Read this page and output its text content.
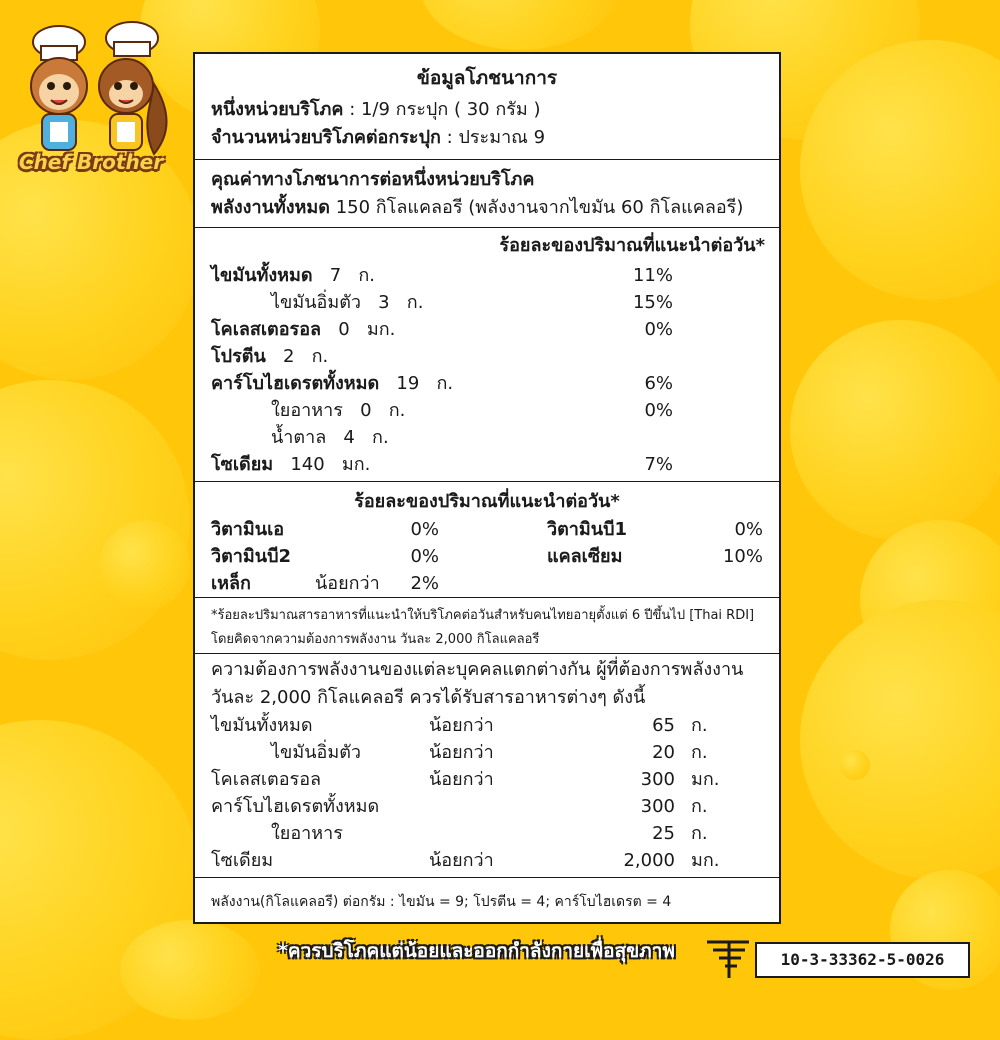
Chef Brother
ข้อมูลโภชนาการ
หนึ่งหน่วยบริโภค : 1/9 กระปุก ( 30 กรัม )
จำนวนหน่วยบริโภคต่อกระปุก : ประมาณ 9
คุณค่าทางโภชนาการต่อหนึ่งหน่วยบริโภค
พลังงานทั้งหมด 150 กิโลแคลอรี (พลังงานจากไขมัน 60 กิโลแคลอรี)
ร้อยละของปริมาณที่แนะนำต่อวัน*
ไขมันทั้งหมด 7 ก.	11%
ไขมันอิ่มตัว 3 ก.	15%
โคเลสเตอรอล 0 มก.	0%
โปรตีน 2 ก.
คาร์โบไฮเดรตทั้งหมด 19 ก.	6%
ใยอาหาร 0 ก.	0%
น้ำตาล 4 ก.
โซเดียม 140 มก.	7%
ร้อยละของปริมาณที่แนะนำต่อวัน*
วิตามินเอ	0%	วิตามินบี1	0%
วิตามินบี2	0%	แคลเซียม	10%
เหล็ก	น้อยกว่า	2%
*ร้อยละปริมาณสารอาหารที่แนะนำให้บริโภคต่อวันสำหรับคนไทยอายุตั้งแต่ 6 ปีขึ้นไป [Thai RDI]
โดยคิดจากความต้องการพลังงาน วันละ 2,000 กิโลแคลอรี
ความต้องการพลังงานของแต่ละบุคคลแตกต่างกัน ผู้ที่ต้องการพลังงาน
วันละ 2,000 กิโลแคลอรี ควรได้รับสารอาหารต่างๆ ดังนี้
ไขมันทั้งหมด	น้อยกว่า	65 ก.
ไขมันอิ่มตัว	น้อยกว่า	20 ก.
โคเลสเตอรอล	น้อยกว่า	300 มก.
คาร์โบไฮเดรตทั้งหมด	300 ก.
ใยอาหาร	25 ก.
โซเดียม	น้อยกว่า	2,000 มก.
พลังงาน(กิโลแคลอรี) ต่อกรัม : ไขมัน = 9; โปรตีน = 4; คาร์โบไฮเดรต = 4
*ควรบริโภคแต่น้อยและออกกำลังกายเพื่อสุขภาพ	10-3-33362-5-0026
